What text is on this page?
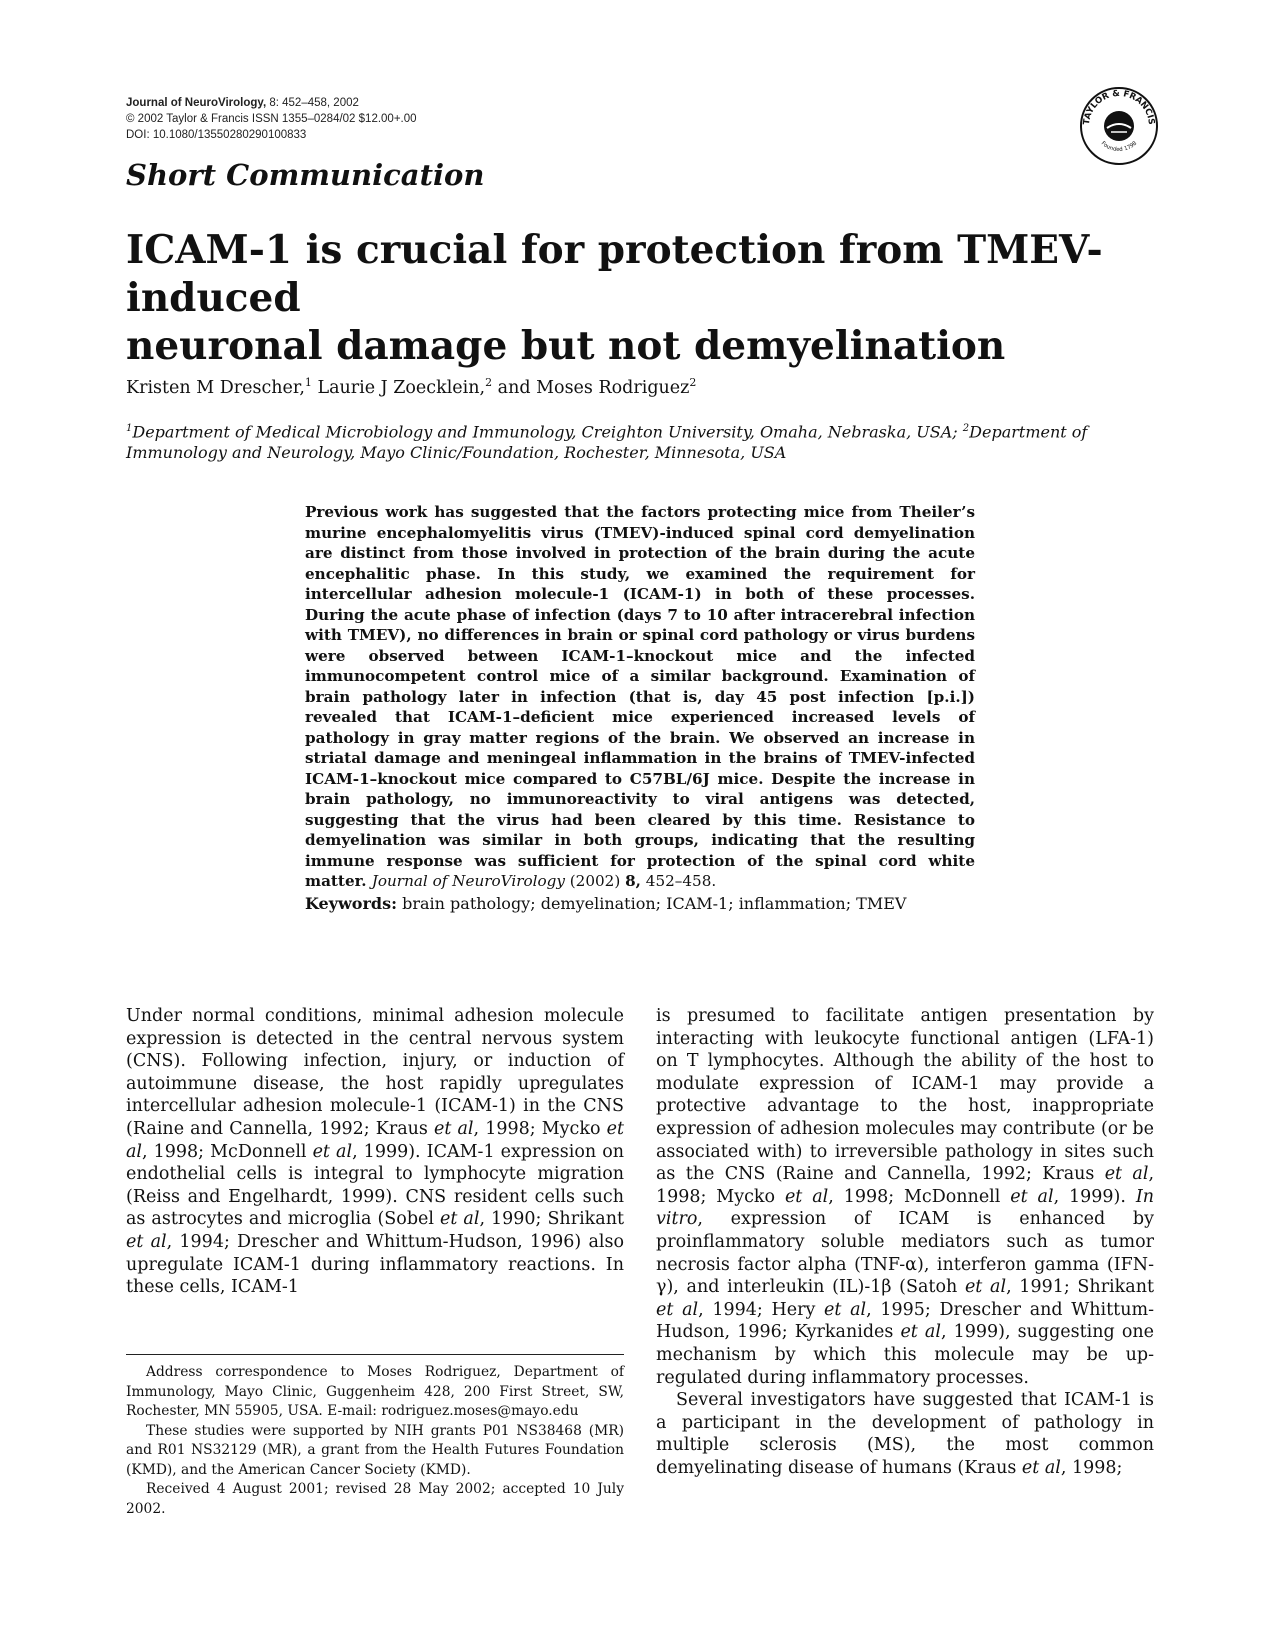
Journal of NeuroVirology, 8: 452–458, 2002
© 2002 Taylor & Francis ISSN 1355–0284/02 $12.00+.00
DOI: 10.1080/13550280290100833
TAYLOR & FRANCIS
Founded 1798
Short Communication
ICAM-1 is crucial for protection from TMEV-induced
neuronal damage but not demyelination
Kristen M Drescher,$^1$ Laurie J Zoecklein,$^2$ and Moses Rodriguez$^2$
$^1$Department of Medical Microbiology and Immunology, Creighton University, Omaha, Nebraska, USA; $^2$Department of Immunology and Neurology, Mayo Clinic/Foundation, Rochester, Minnesota, USA
Previous work has suggested that the factors protecting mice from Theiler’s murine encephalomyelitis virus (TMEV)-induced spinal cord demyelination are distinct from those involved in protection of the brain during the acute encephalitic phase. In this study, we examined the requirement for intercellular adhesion molecule-1 (ICAM-1) in both of these processes. During the acute phase of infection (days 7 to 10 after intracerebral infection with TMEV), no differences in brain or spinal cord pathology or virus burdens were observed between ICAM-1–knockout mice and the infected immunocompetent control mice of a similar background. Examination of brain pathology later in infection (that is, day 45 post infection [p.i.]) revealed that ICAM-1–deficient mice experienced increased levels of pathology in gray matter regions of the brain. We observed an increase in striatal damage and meningeal inflammation in the brains of TMEV-infected ICAM-1–knockout mice compared to C57BL/6J mice. Despite the increase in brain pathology, no immunoreactivity to viral antigens was detected, suggesting that the virus had been cleared by this time. Resistance to demyelination was similar in both groups, indicating that the resulting immune response was sufficient for protection of the spinal cord white matter. Journal of NeuroVirology (2002) 8, 452–458.
Keywords: brain pathology; demyelination; ICAM-1; inflammation; TMEV

Under normal conditions, minimal adhesion molecule expression is detected in the central nervous system (CNS). Following infection, injury, or induction of autoimmune disease, the host rapidly upregulates intercellular adhesion molecule-1 (ICAM-1) in the CNS (Raine and Cannella, 1992; Kraus et al, 1998; Mycko et al, 1998; McDonnell et al, 1999). ICAM-1 expression on endothelial cells is integral to lymphocyte migration (Reiss and Engelhardt, 1999). CNS resident cells such as astrocytes and microglia (Sobel et al, 1990; Shrikant et al, 1994; Drescher and Whittum-Hudson, 1996) also upregulate ICAM-1 during inflammatory reactions. In these cells, ICAM-1

Address correspondence to Moses Rodriguez, Department of Immunology, Mayo Clinic, Guggenheim 428, 200 First Street, SW, Rochester, MN 55905, USA. E-mail: rodriguez.moses@mayo.edu

These studies were supported by NIH grants P01 NS38468 (MR) and R01 NS32129 (MR), a grant from the Health Futures Foundation (KMD), and the American Cancer Society (KMD).

Received 4 August 2001; revised 28 May 2002; accepted 10 July 2002.

is presumed to facilitate antigen presentation by interacting with leukocyte functional antigen (LFA-1) on T lymphocytes. Although the ability of the host to modulate expression of ICAM-1 may provide a protective advantage to the host, inappropriate expression of adhesion molecules may contribute (or be associated with) to irreversible pathology in sites such as the CNS (Raine and Cannella, 1992; Kraus et al, 1998; Mycko et al, 1998; McDonnell et al, 1999). In vitro, expression of ICAM is enhanced by proinflammatory soluble mediators such as tumor necrosis factor alpha (TNF-α), interferon gamma (IFN-γ), and interleukin (IL)-1β (Satoh et al, 1991; Shrikant et al, 1994; Hery et al, 1995; Drescher and Whittum-Hudson, 1996; Kyrkanides et al, 1999), suggesting one mechanism by which this molecule may be up-regulated during inflammatory processes.

Several investigators have suggested that ICAM-1 is a participant in the development of pathology in multiple sclerosis (MS), the most common demyelinating disease of humans (Kraus et al, 1998;
